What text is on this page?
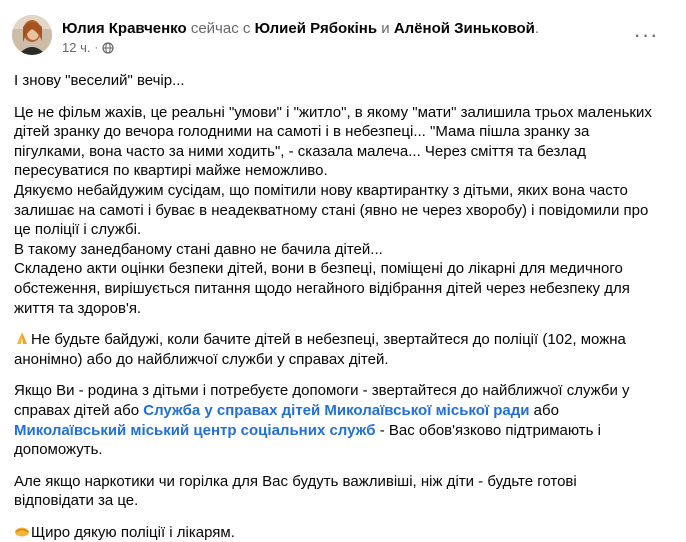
Юлия Кравченко сейчас с Юлией Рябокінь и Алёной Зиньковой.
12 ч. ·
···

І знову "веселий" вечір...

Це не фільм жахів, це реальні "умови" і "житло", в якому "мати" залишила трьох маленьких дітей зранку до вечора голодними на самоті і в небезпеці... "Мама пішла зранку за пігулками, вона часто за ними ходить", - сказала малеча... Через сміття та безлад пересуватися по квартирі майже неможливо.

Дякуємо небайдужим сусідам, що помітили нову квартирантку з дітьми, яких вона часто залишає на самоті і буває в неадекватному стані (явно не через хворобу) і повідомили про це поліції і службі.

В такому занедбаному стані давно не бачила дітей...

Складено акти оцінки безпеки дітей, вони в безпеці, поміщені до лікарні для медичного обстеження, вирішується питання щодо негайного відібрання дітей через небезпеку для життя та здоров'я.

Не будьте байдужі, коли бачите дітей в небезпеці, звертайтеся до поліції (102, можна анонімно) або до найближчої служби у справах дітей.

Якщо Ви - родина з дітьми і потребуєте допомоги - звертайтеся до найближчої служби у справах дітей або Служба у справах дітей Миколаївської міської ради або Миколаївський міський центр соціальних служб - Вас обов'язково підтримають і допоможуть.

Але якщо наркотики чи горілка для Вас будуть важливіші, ніж діти - будьте готові відповідати за це.

Щиро дякую поліції і лікарям.
